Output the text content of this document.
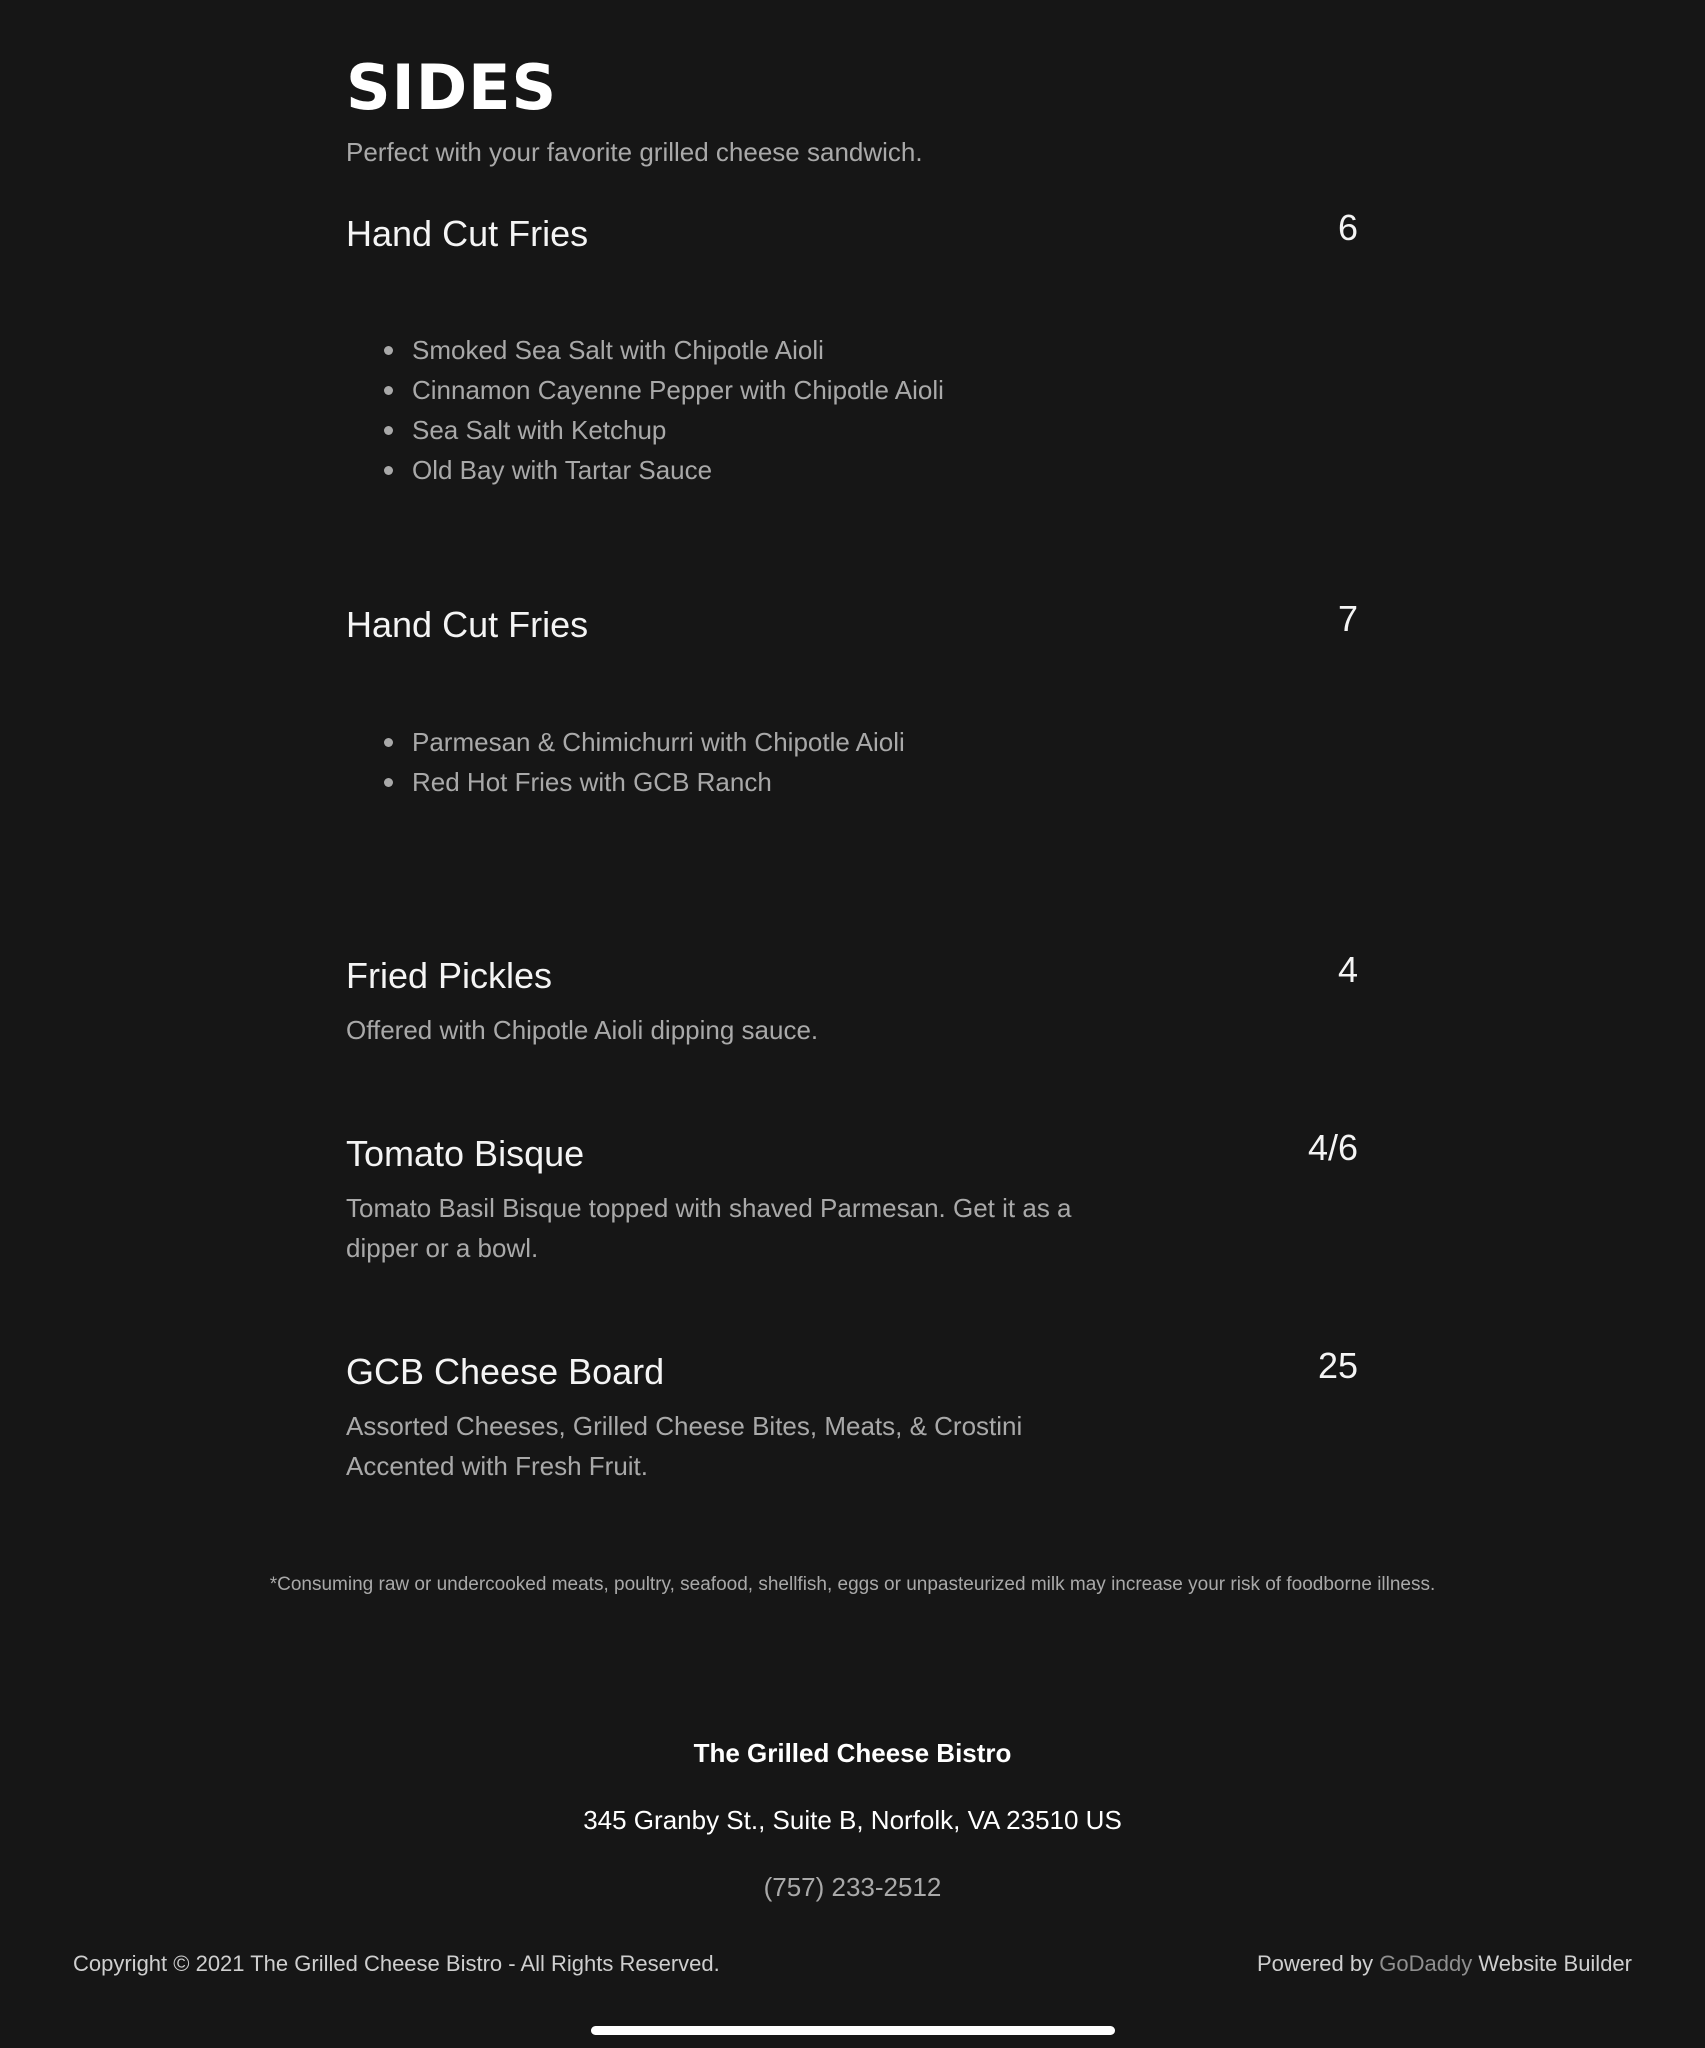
SIDES
Perfect with your favorite grilled cheese sandwich.
Hand Cut Fries	6
Smoked Sea Salt with Chipotle Aioli
Cinnamon Cayenne Pepper with Chipotle Aioli
Sea Salt with Ketchup
Old Bay with Tartar Sauce
Hand Cut Fries	7
Parmesan & Chimichurri with Chipotle Aioli
Red Hot Fries with GCB Ranch
Fried Pickles	4
Offered with Chipotle Aioli dipping sauce.
Tomato Bisque	4/6
Tomato Basil Bisque topped with shaved Parmesan. Get it as a dipper or a bowl.
GCB Cheese Board	25
Assorted Cheeses, Grilled Cheese Bites, Meats, & Crostini Accented with Fresh Fruit.
*Consuming raw or undercooked meats, poultry, seafood, shellfish, eggs or unpasteurized milk may increase your risk of foodborne illness.
The Grilled Cheese Bistro
345 Granby St., Suite B, Norfolk, VA 23510 US
(757) 233-2512
Copyright © 2021 The Grilled Cheese Bistro - All Rights Reserved.	Powered by GoDaddy Website Builder
